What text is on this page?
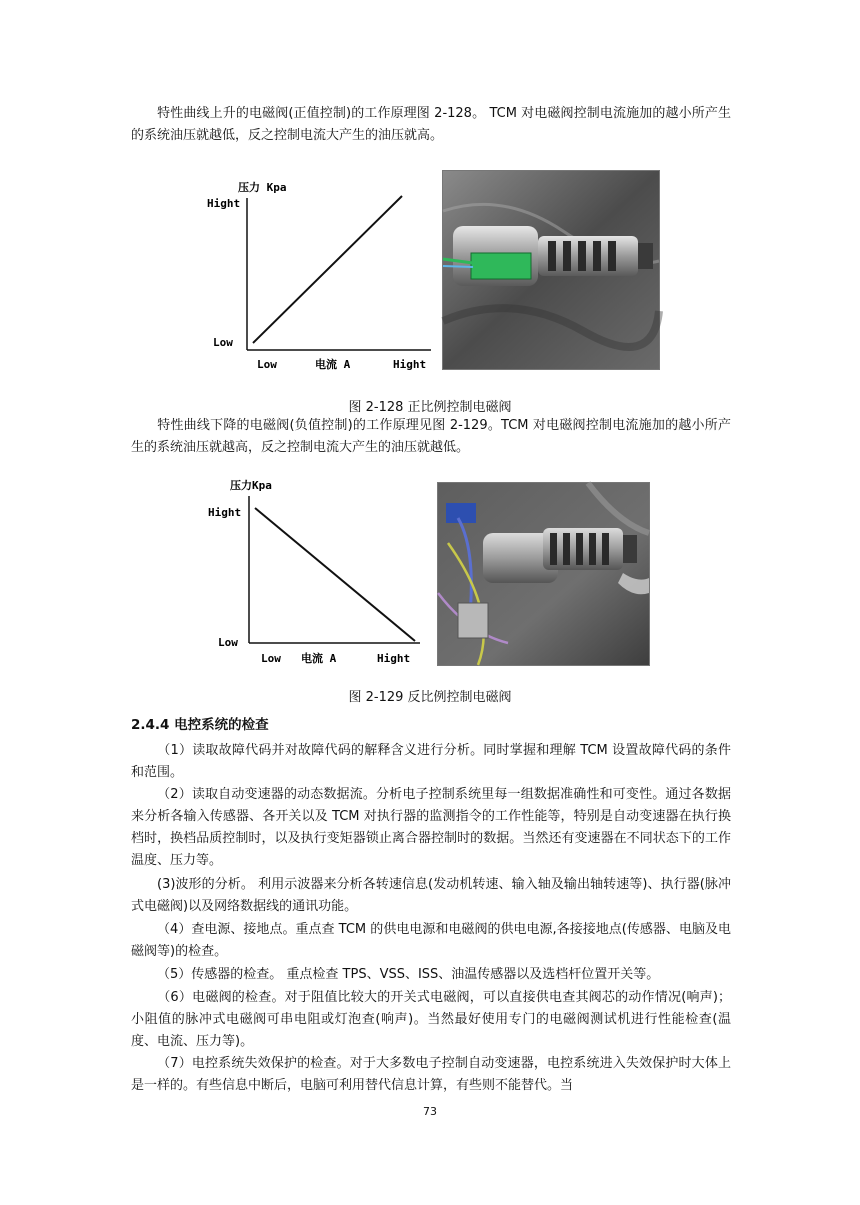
特性曲线上升的电磁阀(正值控制)的工作原理图 2-128。 TCM 对电磁阀控制电流施加的越小所产生的系统油压就越低，反之控制电流大产生的油压就高。
压力 Kpa
Hight
Low
Low	电流 A	Hight
图 2-128 正比例控制电磁阀
特性曲线下降的电磁阀(负值控制)的工作原理见图 2-129。TCM 对电磁阀控制电流施加的越小所产生的系统油压就越高，反之控制电流大产生的油压就越低。
压力Kpa
Hight
Low
Low 电流 A	Hight
图 2-129 反比例控制电磁阀
2.4.4 电控系统的检查
（1）读取故障代码并对故障代码的解释含义进行分析。同时掌握和理解 TCM 设置故障代码的条件和范围。
（2）读取自动变速器的动态数据流。分析电子控制系统里每一组数据准确性和可变性。通过各数据来分析各输入传感器、各开关以及 TCM 对执行器的监测指令的工作性能等，特别是自动变速器在执行换档时，换档品质控制时，以及执行变矩器锁止离合器控制时的数据。当然还有变速器在不同状态下的工作温度、压力等。
(3)波形的分析。 利用示波器来分析各转速信息(发动机转速、输入轴及输出轴转速等)、执行器(脉冲式电磁阀)以及网络数据线的通讯功能。
（4）查电源、接地点。重点查 TCM 的供电电源和电磁阀的供电电源,各接接地点(传感器、电脑及电磁阀等)的检查。
（5）传感器的检查。 重点检查 TPS、VSS、ISS、油温传感器以及选档杆位置开关等。
（6）电磁阀的检查。对于阻值比较大的开关式电磁阀，可以直接供电查其阀芯的动作情况(响声)；小阻值的脉冲式电磁阀可串电阻或灯泡查(响声)。当然最好使用专门的电磁阀测试机进行性能检查(温度、电流、压力等)。
（7）电控系统失效保护的检查。对于大多数电子控制自动变速器，电控系统进入失效保护时大体上是一样的。有些信息中断后，电脑可利用替代信息计算，有些则不能替代。当
73
